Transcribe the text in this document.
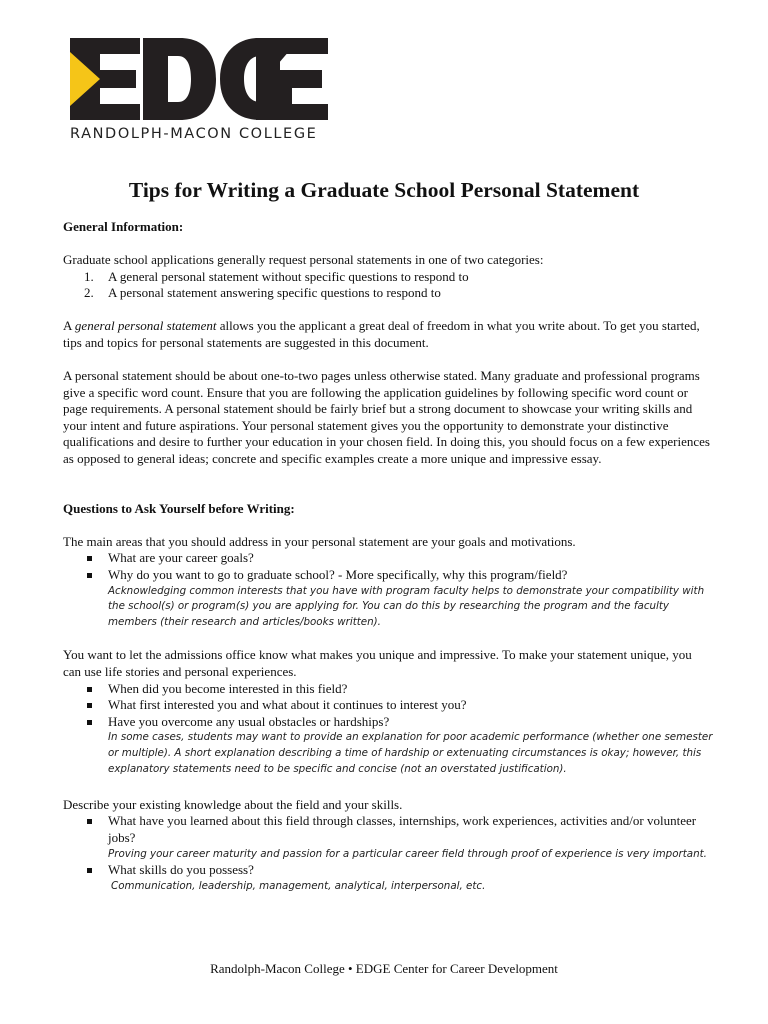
RANDOLPH-MACON COLLEGE
Tips for Writing a Graduate School Personal Statement
General Information:

Graduate school applications generally request personal statements in one of two categories:

1. A general personal statement without specific questions to respond to
2. A personal statement answering specific questions to respond to

A general personal statement allows you the applicant a great deal of freedom in what you write about. To get you started, tips and topics for personal statements are suggested in this document.

A personal statement should be about one-to-two pages unless otherwise stated. Many graduate and professional programs give a specific word count. Ensure that you are following the application guidelines by following specific word count or page requirements. A personal statement should be fairly brief but a strong document to showcase your writing skills and your intent and future aspirations. Your personal statement gives you the opportunity to demonstrate your distinctive qualifications and desire to further your education in your chosen field. In doing this, you should focus on a few experiences as opposed to general ideas; concrete and specific examples create a more unique and impressive essay.

Questions to Ask Yourself before Writing:

The main areas that you should address in your personal statement are your goals and motivations.

What are your career goals?
Why do you want to go to graduate school? - More specifically, why this program/field?
Acknowledging common interests that you have with program faculty helps to demonstrate your compatibility with the school(s) or program(s) you are applying for. You can do this by researching the program and the faculty members (their research and articles/books written).

You want to let the admissions office know what makes you unique and impressive. To make your statement unique, you can use life stories and personal experiences.

When did you become interested in this field?
What first interested you and what about it continues to interest you?
Have you overcome any usual obstacles or hardships?
In some cases, students may want to provide an explanation for poor academic performance (whether one semester or multiple). A short explanation describing a time of hardship or extenuating circumstances is okay; however, this explanatory statements need to be specific and concise (not an overstated justification).

Describe your existing knowledge about the field and your skills.

What have you learned about this field through classes, internships, work experiences, activities and/or volunteer jobs?
Proving your career maturity and passion for a particular career field through proof of experience is very important.
What skills do you possess?
Communication, leadership, management, analytical, interpersonal, etc.
Randolph-Macon College • EDGE Center for Career Development
